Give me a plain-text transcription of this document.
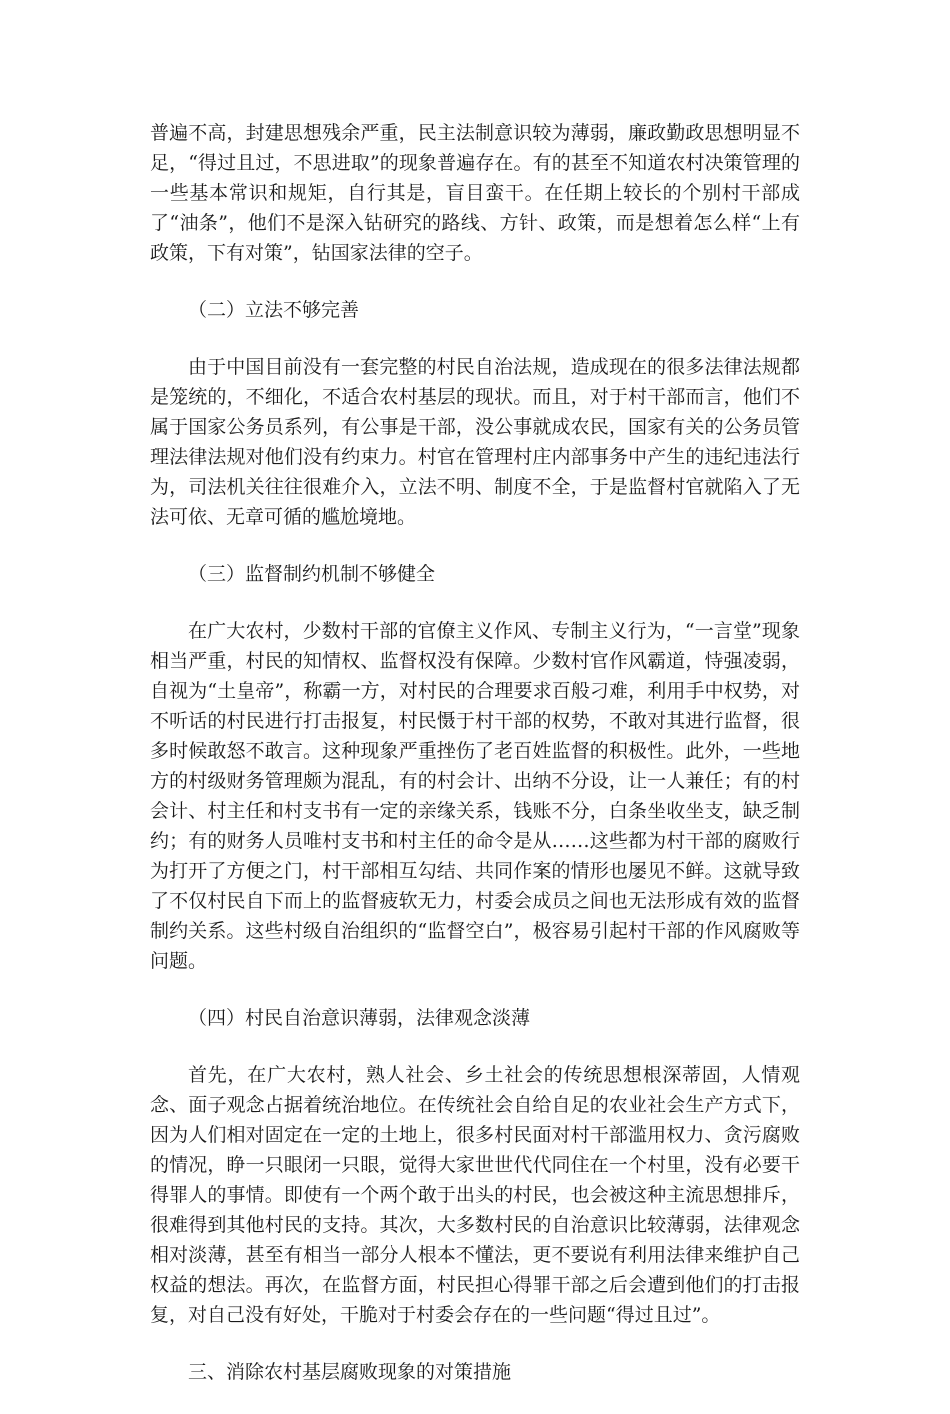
普遍不高，封建思想残余严重，民主法制意识较为薄弱，廉政勤政思想明显不足，“得过且过，不思进取”的现象普遍存在。有的甚至不知道农村决策管理的一些基本常识和规矩，自行其是，盲目蛮干。在任期上较长的个别村干部成了“油条”，他们不是深入钻研究的路线、方针、政策，而是想着怎么样“上有政策，下有对策”，钻国家法律的空子。

（二）立法不够完善

由于中国目前没有一套完整的村民自治法规，造成现在的很多法律法规都是笼统的，不细化，不适合农村基层的现状。而且，对于村干部而言，他们不属于国家公务员系列，有公事是干部，没公事就成农民，国家有关的公务员管理法律法规对他们没有约束力。村官在管理村庄内部事务中产生的违纪违法行为，司法机关往往很难介入，立法不明、制度不全，于是监督村官就陷入了无法可依、无章可循的尴尬境地。

（三）监督制约机制不够健全

在广大农村，少数村干部的官僚主义作风、专制主义行为，“一言堂”现象相当严重，村民的知情权、监督权没有保障。少数村官作风霸道，恃强凌弱，自视为“土皇帝”，称霸一方，对村民的合理要求百般刁难，利用手中权势，对不听话的村民进行打击报复，村民慑于村干部的权势，不敢对其进行监督，很多时候敢怒不敢言。这种现象严重挫伤了老百姓监督的积极性。此外，一些地方的村级财务管理颇为混乱，有的村会计、出纳不分设，让一人兼任；有的村会计、村主任和村支书有一定的亲缘关系，钱账不分，白条坐收坐支，缺乏制约；有的财务人员唯村支书和村主任的命令是从……这些都为村干部的腐败行为打开了方便之门，村干部相互勾结、共同作案的情形也屡见不鲜。这就导致了不仅村民自下而上的监督疲软无力，村委会成员之间也无法形成有效的监督制约关系。这些村级自治组织的“监督空白”，极容易引起村干部的作风腐败等问题。

（四）村民自治意识薄弱，法律观念淡薄

首先，在广大农村，熟人社会、乡土社会的传统思想根深蒂固，人情观念、面子观念占据着统治地位。在传统社会自给自足的农业社会生产方式下，因为人们相对固定在一定的土地上，很多村民面对村干部滥用权力、贪污腐败的情况，睁一只眼闭一只眼，觉得大家世世代代同住在一个村里，没有必要干得罪人的事情。即使有一个两个敢于出头的村民，也会被这种主流思想排斥，很难得到其他村民的支持。其次，大多数村民的自治意识比较薄弱，法律观念相对淡薄，甚至有相当一部分人根本不懂法，更不要说有利用法律来维护自己权益的想法。再次，在监督方面，村民担心得罪干部之后会遭到他们的打击报复，对自己没有好处，干脆对于村委会存在的一些问题“得过且过”。

三、消除农村基层腐败现象的对策措施
